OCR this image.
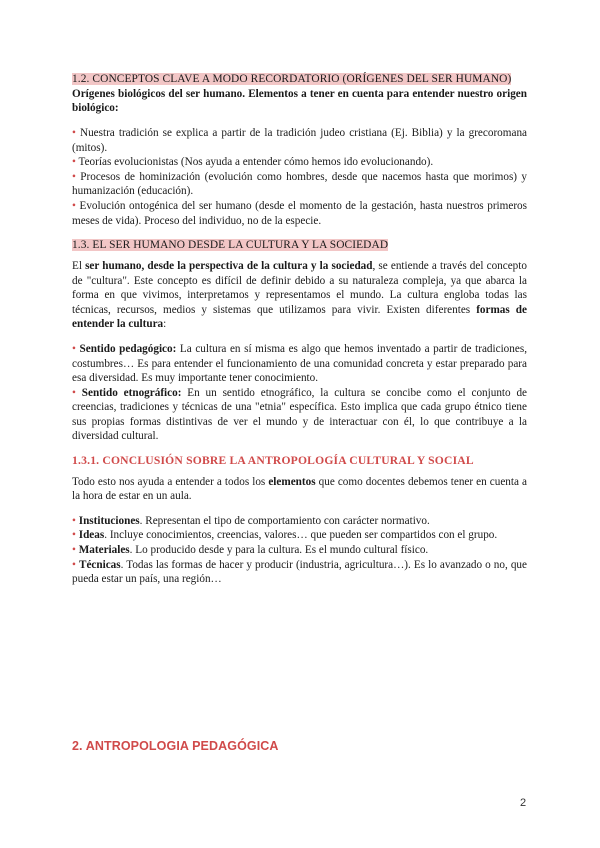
1.2. CONCEPTOS CLAVE A MODO RECORDATORIO (ORÍGENES DEL SER HUMANO)

Orígenes biológicos del ser humano. Elementos a tener en cuenta para entender nuestro origen biológico:

• Nuestra tradición se explica a partir de la tradición judeo cristiana (Ej. Biblia) y la grecoromana (mitos).

• Teorías evolucionistas (Nos ayuda a entender cómo hemos ido evolucionando).

• Procesos de hominización (evolución como hombres, desde que nacemos hasta que morimos) y humanización (educación).

• Evolución ontogénica del ser humano (desde el momento de la gestación, hasta nuestros primeros meses de vida). Proceso del individuo, no de la especie.

1.3. EL SER HUMANO DESDE LA CULTURA Y LA SOCIEDAD

El ser humano, desde la perspectiva de la cultura y la sociedad, se entiende a través del concepto de "cultura". Este concepto es difícil de definir debido a su naturaleza compleja, ya que abarca la forma en que vivimos, interpretamos y representamos el mundo. La cultura engloba todas las técnicas, recursos, medios y sistemas que utilizamos para vivir. Existen diferentes formas de entender la cultura:

• Sentido pedagógico: La cultura en sí misma es algo que hemos inventado a partir de tradiciones, costumbres… Es para entender el funcionamiento de una comunidad concreta y estar preparado para esa diversidad. Es muy importante tener conocimiento.

• Sentido etnográfico: En un sentido etnográfico, la cultura se concibe como el conjunto de creencias, tradiciones y técnicas de una "etnia" específica. Esto implica que cada grupo étnico tiene sus propias formas distintivas de ver el mundo y de interactuar con él, lo que contribuye a la diversidad cultural.

1.3.1. CONCLUSIÓN SOBRE LA ANTROPOLOGÍA CULTURAL Y SOCIAL

Todo esto nos ayuda a entender a todos los elementos que como docentes debemos tener en cuenta a la hora de estar en un aula.

• Instituciones. Representan el tipo de comportamiento con carácter normativo.

• Ideas. Incluye conocimientos, creencias, valores… que pueden ser compartidos con el grupo.

• Materiales. Lo producido desde y para la cultura. Es el mundo cultural físico.

• Técnicas. Todas las formas de hacer y producir (industria, agricultura…). Es lo avanzado o no, que pueda estar un país, una región…

2. ANTROPOLOGIA PEDAGÓGICA
2
